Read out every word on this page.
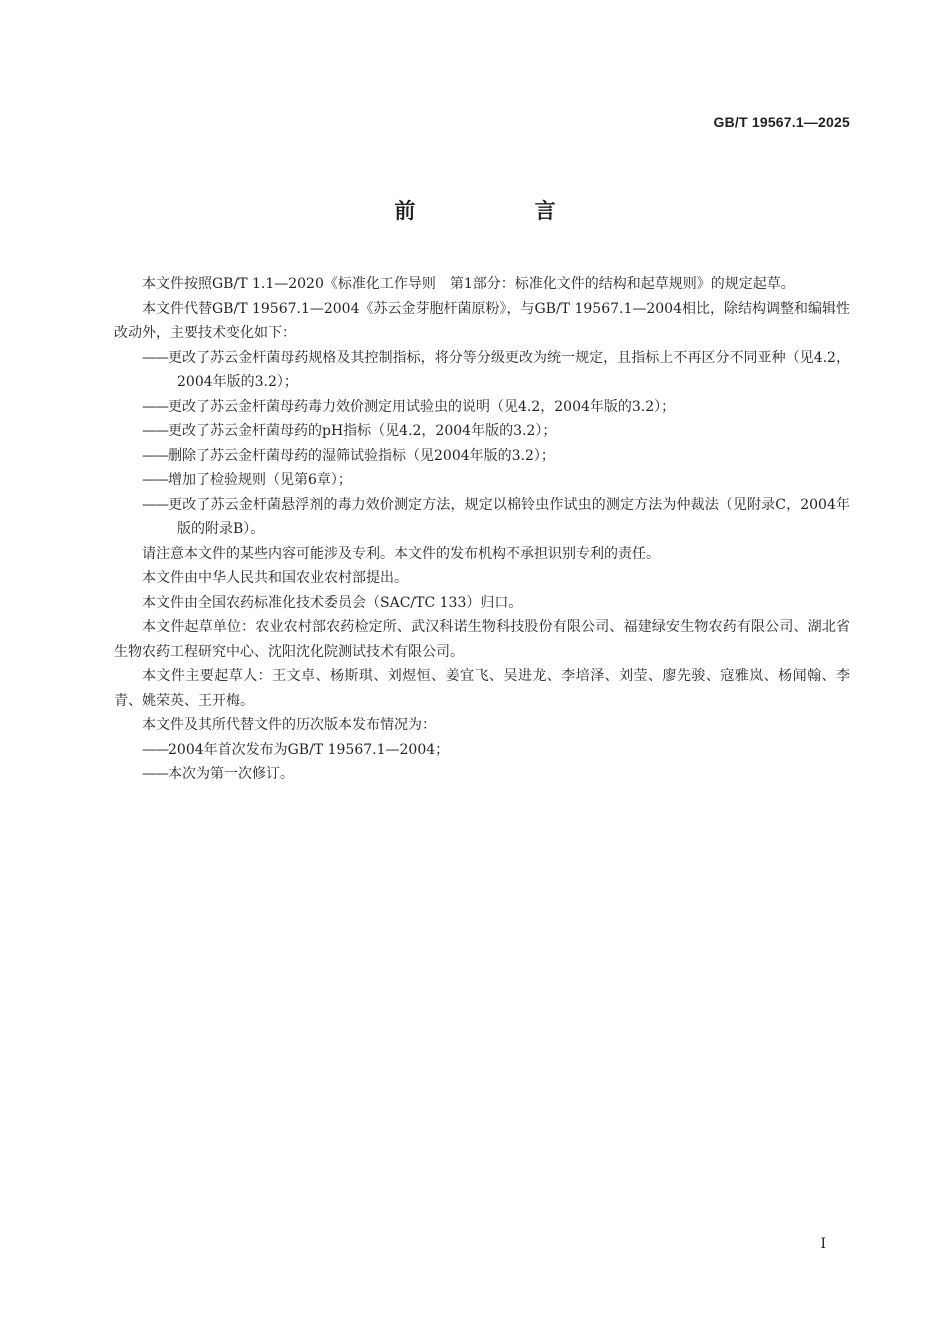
GB/T 19567.1—2025
前 言

本文件按照GB/T 1.1—2020《标准化工作导则　第1部分：标准化文件的结构和起草规则》的规定起草。

本文件代替GB/T 19567.1—2004《苏云金芽胞杆菌原粉》，与GB/T 19567.1—2004相比，除结构调整和编辑性改动外，主要技术变化如下：

——更改了苏云金杆菌母药规格及其控制指标，将分等分级更改为统一规定，且指标上不再区分不同亚种（见4.2，2004年版的3.2）；

——更改了苏云金杆菌母药毒力效价测定用试验虫的说明（见4.2，2004年版的3.2）；

——更改了苏云金杆菌母药的pH指标（见4.2，2004年版的3.2）；

——删除了苏云金杆菌母药的湿筛试验指标（见2004年版的3.2）；

——增加了检验规则（见第6章）；

——更改了苏云金杆菌悬浮剂的毒力效价测定方法，规定以棉铃虫作试虫的测定方法为仲裁法（见附录C，2004年版的附录B）。

请注意本文件的某些内容可能涉及专利。本文件的发布机构不承担识别专利的责任。

本文件由中华人民共和国农业农村部提出。

本文件由全国农药标准化技术委员会（SAC/TC 133）归口。

本文件起草单位：农业农村部农药检定所、武汉科诺生物科技股份有限公司、福建绿安生物农药有限公司、湖北省生物农药工程研究中心、沈阳沈化院测试技术有限公司。

本文件主要起草人：王文卓、杨斯琪、刘煜恒、姜宜飞、吴进龙、李培泽、刘莹、廖先骏、寇雅岚、杨闻翰、李青、姚荣英、王开梅。

本文件及其所代替文件的历次版本发布情况为：

——2004年首次发布为GB/T 19567.1—2004；

——本次为第一次修订。

I
